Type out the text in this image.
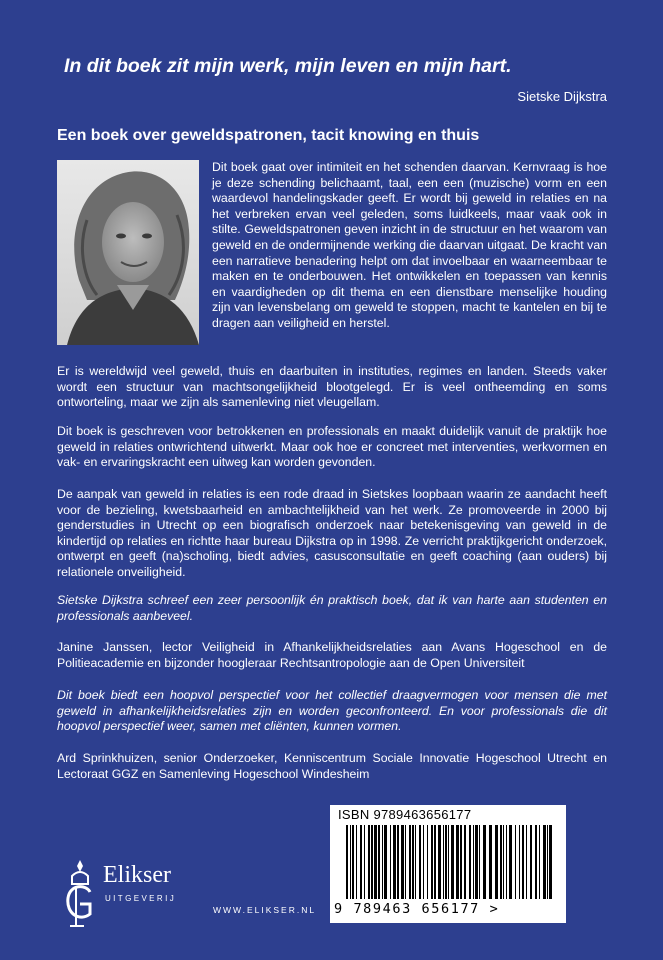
In dit boek zit mijn werk, mijn leven en mijn hart.
Sietske Dijkstra
Een boek over geweldspatronen, tacit knowing en thuis

Dit boek gaat over intimiteit en het schenden daarvan. Kernvraag is hoe je deze schending belichaamt, taal, een een (muzische) vorm en een waardevol handelingskader geeft. Er wordt bij geweld in relaties en na het verbreken ervan veel geleden, soms luidkeels, maar vaak ook in stilte. Geweldspatronen geven inzicht in de structuur en het waarom van geweld en de ondermijnende werking die daarvan uitgaat. De kracht van een narratieve benadering helpt om dat invoelbaar en waarneembaar te maken en te onderbouwen. Het ontwikkelen en toepassen van kennis en vaardigheden op dit thema en een dienstbare menselijke houding zijn van levensbelang om geweld te stoppen, macht te kantelen en bij te dragen aan veiligheid en herstel.

Er is wereldwijd veel geweld, thuis en daarbuiten in instituties, regimes en landen. Steeds vaker wordt een structuur van machtsongelijkheid blootgelegd. Er is veel ontheemding en soms ontworteling, maar we zijn als samenleving niet vleugellam.

Dit boek is geschreven voor betrokkenen en professionals en maakt duidelijk vanuit de praktijk hoe geweld in relaties ontwrichtend uitwerkt. Maar ook hoe er concreet met interventies, werkvormen en vak- en ervaringskracht een uitweg kan worden gevonden.

De aanpak van geweld in relaties is een rode draad in Sietskes loopbaan waarin ze aandacht heeft voor de bezieling, kwetsbaarheid en ambachtelijkheid van het werk. Ze promoveerde in 2000 bij genderstudies in Utrecht op een biografisch onderzoek naar betekenisgeving van geweld in de kindertijd op relaties en richtte haar bureau Dijkstra op in 1998. Ze verricht praktijkgericht onderzoek, ontwerpt en geeft (na)scholing, biedt advies, casusconsultatie en geeft coaching (aan ouders) bij relationele onveiligheid.

Sietske Dijkstra schreef een zeer persoonlijk én praktisch boek, dat ik van harte aan studenten en professionals aanbeveel.

Janine Janssen, lector Veiligheid in Afhankelijkheidsrelaties aan Avans Hogeschool en de Politieacademie en bijzonder hoogleraar Rechtsantropologie aan de Open Universiteit

Dit boek biedt een hoopvol perspectief voor het collectief draagvermogen voor mensen die met geweld in afhankelijkheidsrelaties zijn en worden geconfronteerd. En voor professionals die dit hoopvol perspectief weer, samen met cliënten, kunnen vormen.

Ard Sprinkhuizen, senior Onderzoeker, Kenniscentrum Sociale Innovatie Hogeschool Utrecht en Lectoraat GGZ en Samenleving Hogeschool Windesheim

ISBN 9789463656177
9 789463 656177 >
Elikser
UITGEVERIJ
WWW.ELIKSER.NL
